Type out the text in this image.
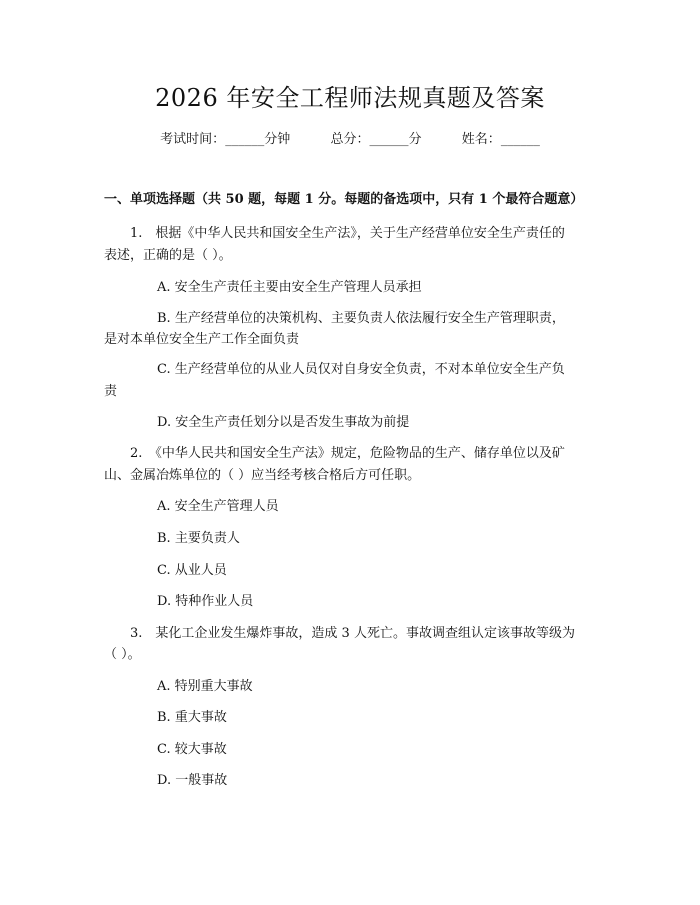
2026 年安全工程师法规真题及答案
考试时间：______分钟	总分：______分	姓名：______
一、单项选择题（共 50 题，每题 1 分。每题的备选项中，只有 1 个最符合题意）
1.　根据《中华人民共和国安全生产法》，关于生产经营单位安全生产责任的
表述，正确的是（ ）。
A. 安全生产责任主要由安全生产管理人员承担
B. 生产经营单位的决策机构、主要负责人依法履行安全生产管理职责，
是对本单位安全生产工作全面负责
C. 生产经营单位的从业人员仅对自身安全负责，不对本单位安全生产负
责
D. 安全生产责任划分以是否发生事故为前提
2.　《中华人民共和国安全生产法》规定，危险物品的生产、储存单位以及矿
山、金属冶炼单位的（ ）应当经考核合格后方可任职。
A. 安全生产管理人员
B. 主要负责人
C. 从业人员
D. 特种作业人员
3.　某化工企业发生爆炸事故，造成 3 人死亡。事故调查组认定该事故等级为
（ ）。
A. 特别重大事故
B. 重大事故
C. 较大事故
D. 一般事故
